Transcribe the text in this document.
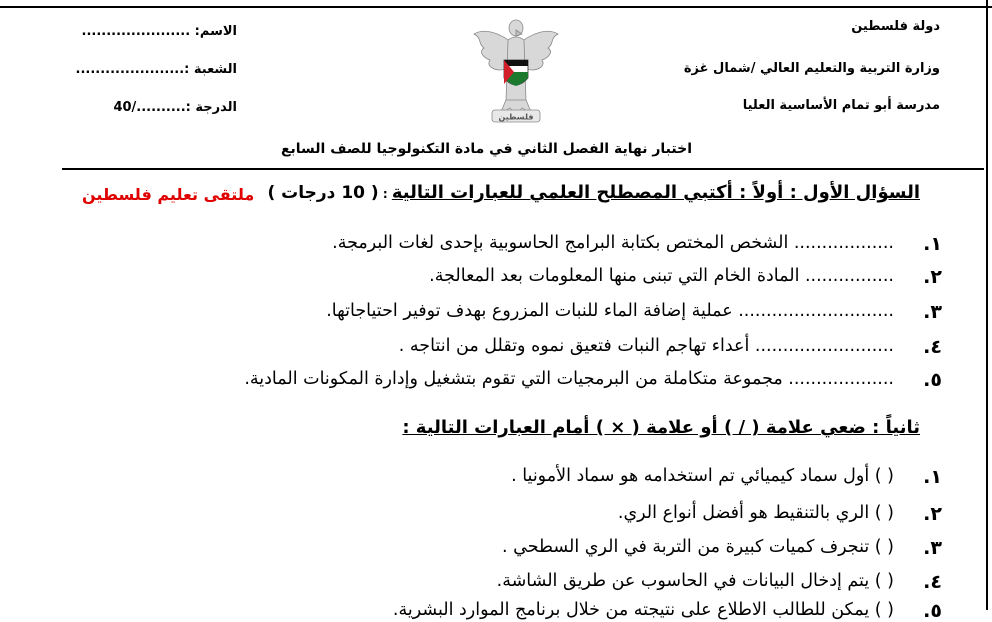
دولة فلسطين
وزارة التربية والتعليم العالي /شمال غزة
مدرسة أبو تمام الأساسية العليا
الاسم: ......................
الشعبة :......................
الدرجة :........../40
فلسطين
اختبار نهاية الفصل الثاني في مادة التكنولوجيا للصف السابع
السؤال الأول : أولاً : أكتبي المصطلح العلمي للعبارات التالية : ( 10 درجات )
ملتقى تعليم فلسطين
١.
.................. الشخص المختص بكتابة البرامج الحاسوبية بإحدى لغات البرمجة.
٢.
................ المادة الخام التي تبنى منها المعلومات بعد المعالجة.
٣.
............................ عملية إضافة الماء للنبات المزروع بهدف توفير احتياجاتها.
٤.
......................... أعداء تهاجم النبات فتعيق نموه وتقلل من انتاجه .
٥.
................... مجموعة متكاملة من البرمجيات التي تقوم بتشغيل وإدارة المكونات المادية.
ثانياً : ضعي علامة ( / ) أو علامة ( × ) أمام العبارات التالية :
١.
( ) أول سماد كيميائي تم استخدامه هو سماد الأمونيا .
٢.
( ) الري بالتنقيط هو أفضل أنواع الري.
٣.
( ) تنجرف كميات كبيرة من التربة في الري السطحي .
٤.
( ) يتم إدخال البيانات في الحاسوب عن طريق الشاشة.
٥.
( ) يمكن للطالب الاطلاع على نتيجته من خلال برنامج الموارد البشرية.
